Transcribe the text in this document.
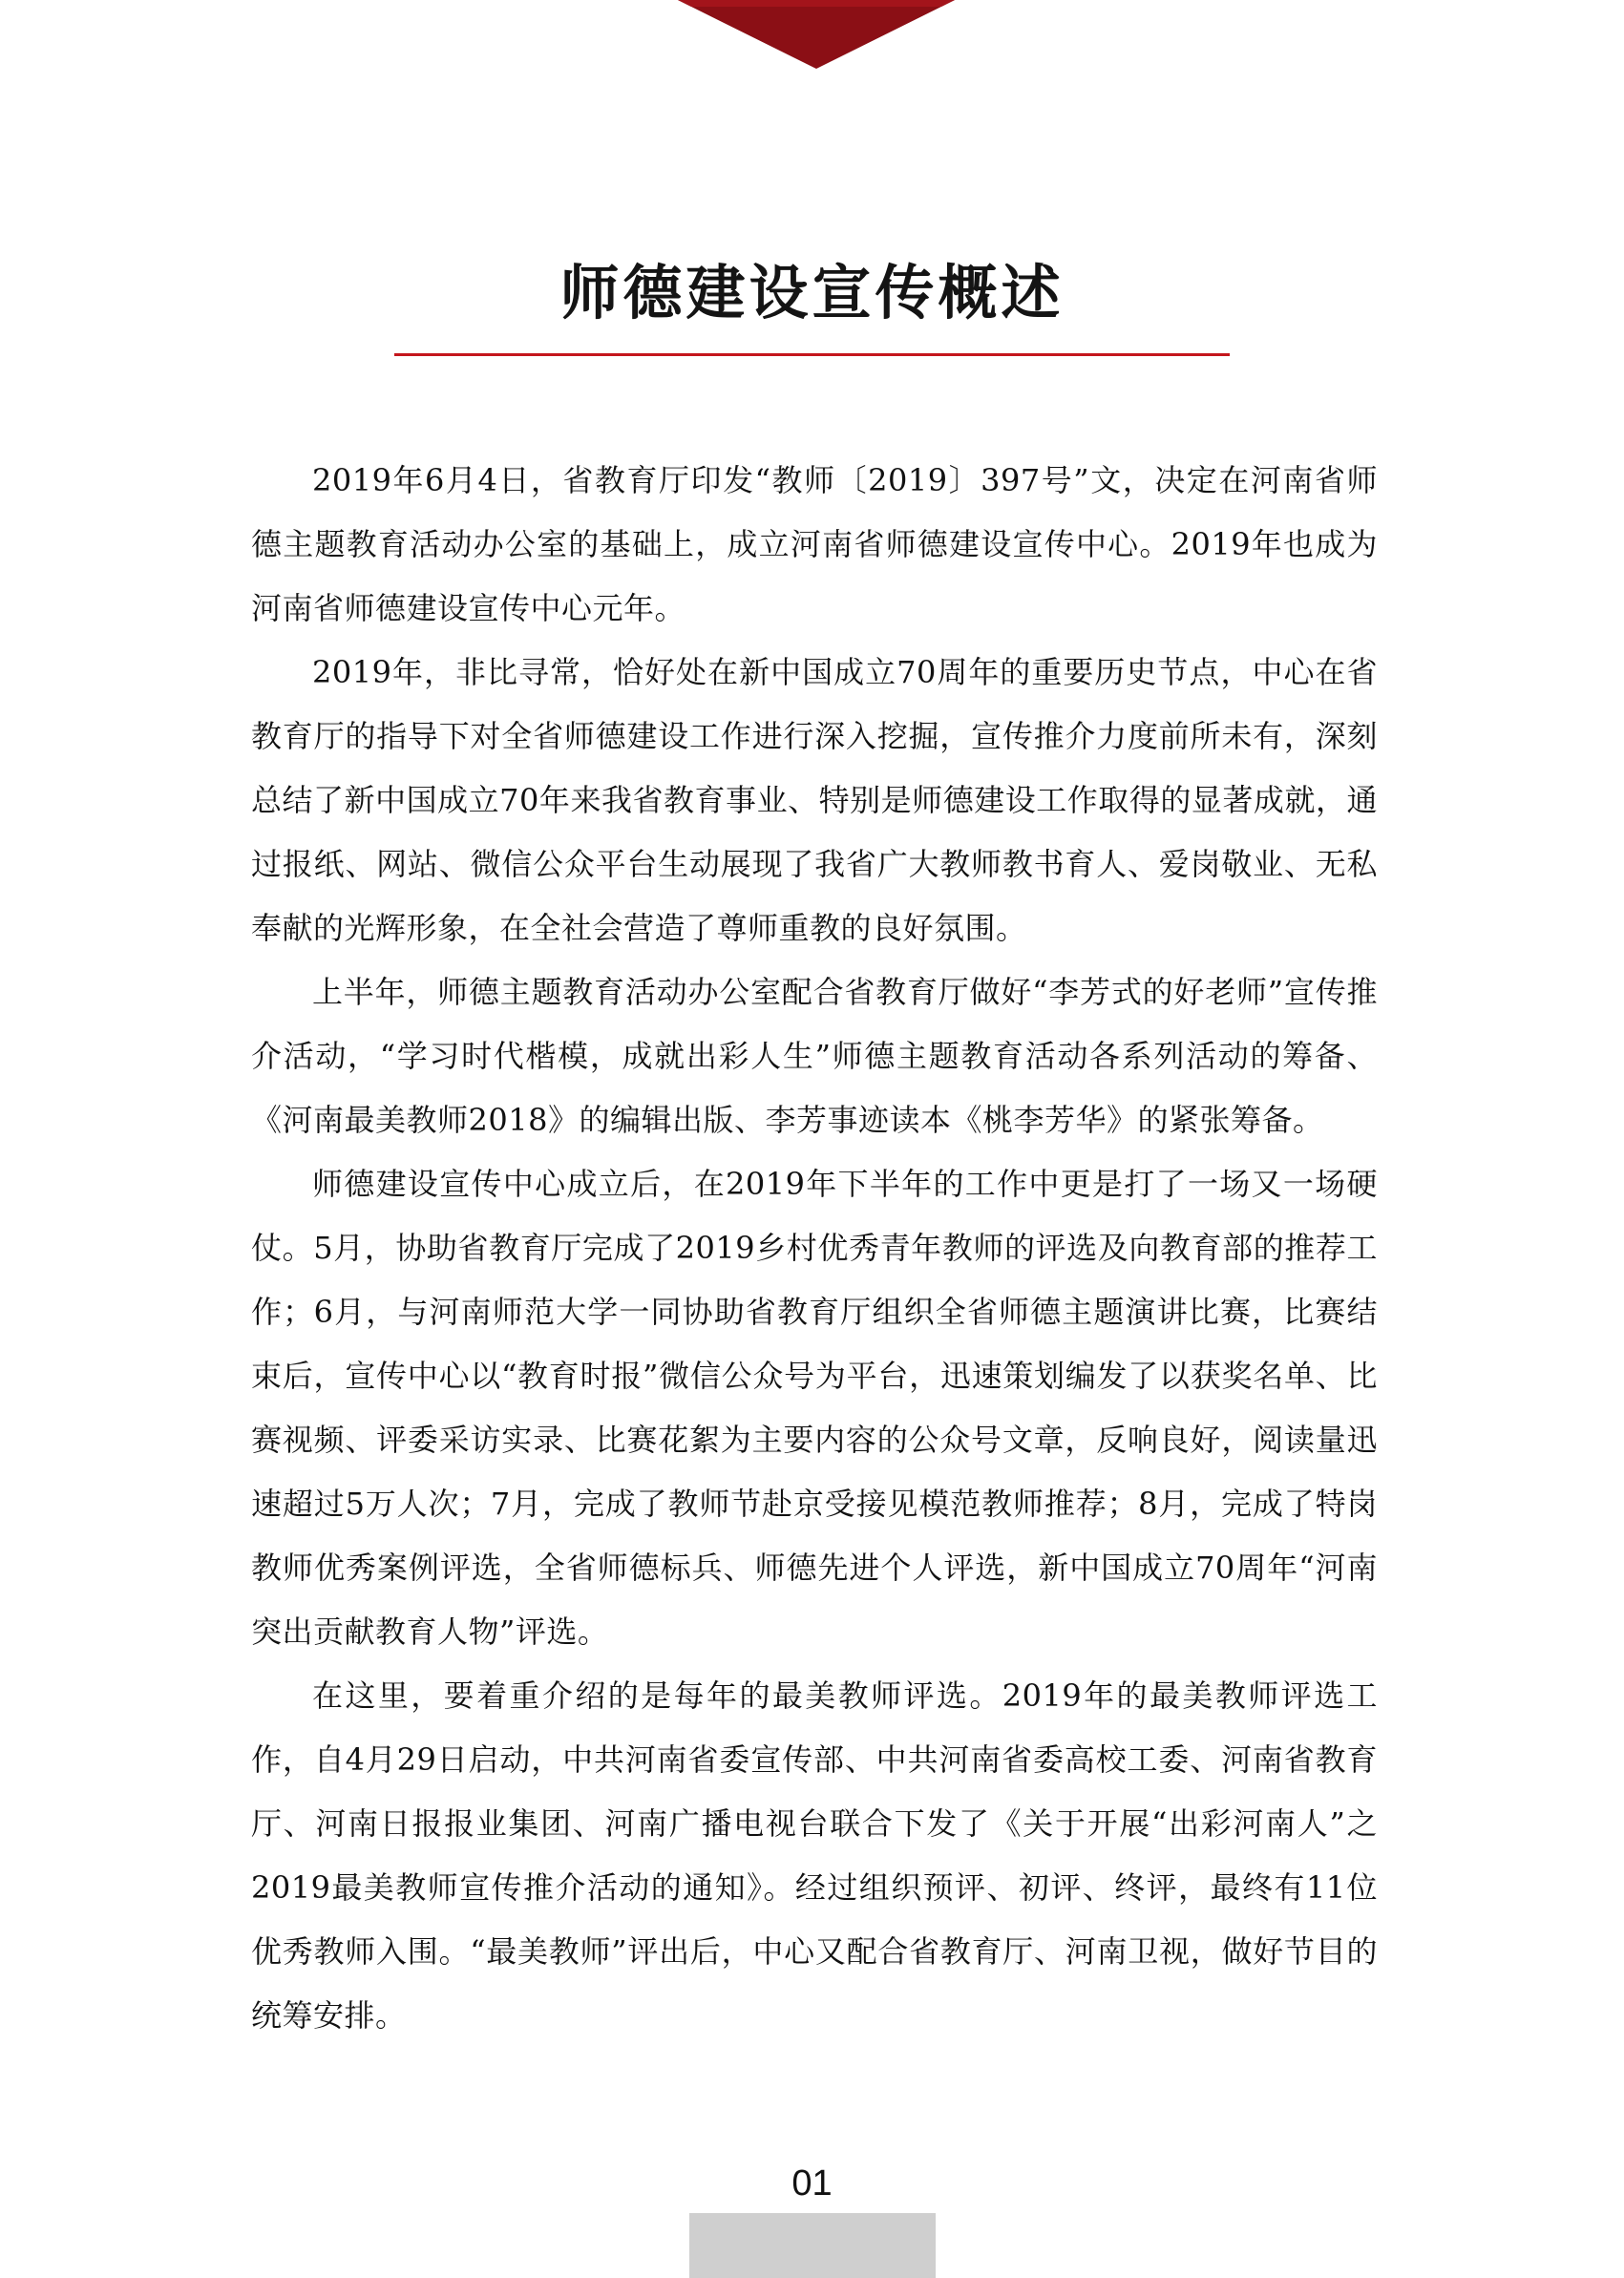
师德建设宣传概述

2019年6月4日，省教育厅印发“教师〔2019〕397号”文，决定在河南省师德主题教育活动办公室的基础上，成立河南省师德建设宣传中心。2019年也成为河南省师德建设宣传中心元年。

2019年，非比寻常，恰好处在新中国成立70周年的重要历史节点，中心在省教育厅的指导下对全省师德建设工作进行深入挖掘，宣传推介力度前所未有，深刻总结了新中国成立70年来我省教育事业、特别是师德建设工作取得的显著成就，通过报纸、网站、微信公众平台生动展现了我省广大教师教书育人、爱岗敬业、无私奉献的光辉形象，在全社会营造了尊师重教的良好氛围。

上半年，师德主题教育活动办公室配合省教育厅做好“李芳式的好老师”宣传推介活动，“学习时代楷模，成就出彩人生”师德主题教育活动各系列活动的筹备、《河南最美教师2018》的编辑出版、李芳事迹读本《桃李芳华》的紧张筹备。

师德建设宣传中心成立后，在2019年下半年的工作中更是打了一场又一场硬仗。5月，协助省教育厅完成了2019乡村优秀青年教师的评选及向教育部的推荐工作；6月，与河南师范大学一同协助省教育厅组织全省师德主题演讲比赛，比赛结束后，宣传中心以“教育时报”微信公众号为平台，迅速策划编发了以获奖名单、比赛视频、评委采访实录、比赛花絮为主要内容的公众号文章，反响良好，阅读量迅速超过5万人次；7月，完成了教师节赴京受接见模范教师推荐；8月，完成了特岗教师优秀案例评选，全省师德标兵、师德先进个人评选，新中国成立70周年“河南突出贡献教育人物”评选。

在这里，要着重介绍的是每年的最美教师评选。2019年的最美教师评选工作，自4月29日启动，中共河南省委宣传部、中共河南省委高校工委、河南省教育厅、河南日报报业集团、河南广播电视台联合下发了《关于开展“出彩河南人”之2019最美教师宣传推介活动的通知》。经过组织预评、初评、终评，最终有11位优秀教师入围。“最美教师”评出后，中心又配合省教育厅、河南卫视，做好节目的统筹安排。

01
